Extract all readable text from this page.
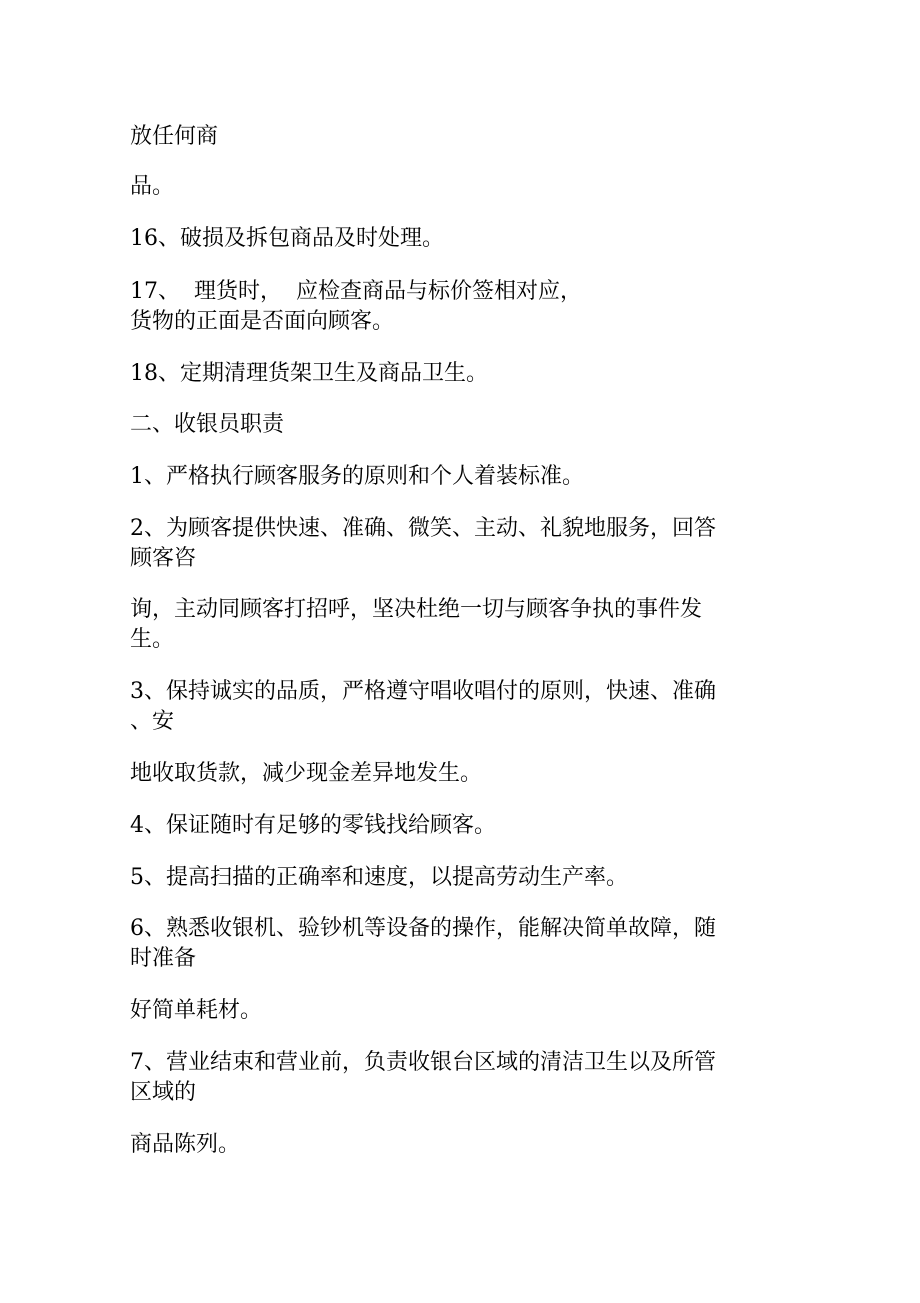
放任何商

品。

16、破损及拆包商品及时处理。

17、  理货时，  应检查商品与标价签相对应，

货物的正面是否面向顾客。

18、定期清理货架卫生及商品卫生。

二、收银员职责

1、严格执行顾客服务的原则和个人着装标准。

2、为顾客提供快速、准确、微笑、主动、礼貌地服务，回答

顾客咨

询，主动同顾客打招呼，坚决杜绝一切与顾客争执的事件发

生。

3、保持诚实的品质，严格遵守唱收唱付的原则，快速、准确

、安

地收取货款，减少现金差异地发生。

4、保证随时有足够的零钱找给顾客。

5、提高扫描的正确率和速度，以提高劳动生产率。

6、熟悉收银机、验钞机等设备的操作，能解决简单故障，随

时准备

好简单耗材。

7、营业结束和营业前，负责收银台区域的清洁卫生以及所管

区域的

商品陈列。
